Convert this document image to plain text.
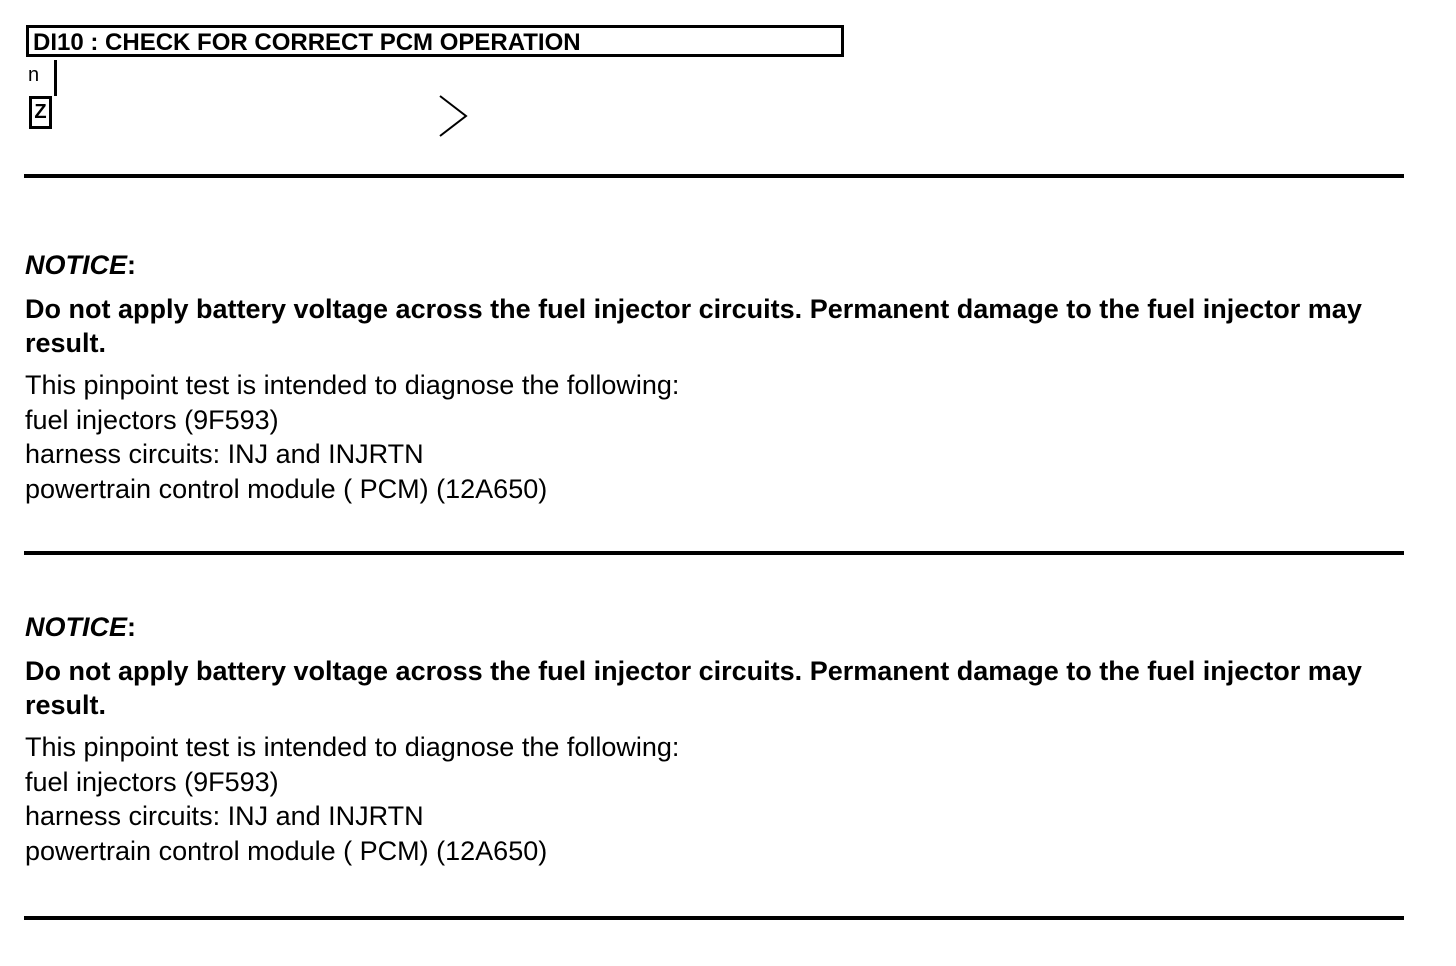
DI10 : CHECK FOR CORRECT PCM OPERATION
n
Z
NOTICE:
Do not apply battery voltage across the fuel injector circuits. Permanent damage to the fuel injector may result.
This pinpoint test is intended to diagnose the following:
fuel injectors (9F593)
harness circuits: INJ and INJRTN
powertrain control module ( PCM) (12A650)
NOTICE:
Do not apply battery voltage across the fuel injector circuits. Permanent damage to the fuel injector may result.
This pinpoint test is intended to diagnose the following:
fuel injectors (9F593)
harness circuits: INJ and INJRTN
powertrain control module ( PCM) (12A650)
